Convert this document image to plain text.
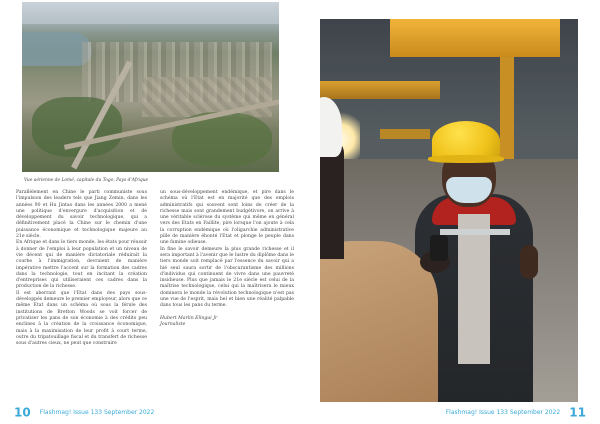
Vue aérienne de Lomé, capitale du Togo, Pays d'Afrique

Parallèlement en Chine le parti communiste sous l'impulsion des leaders tels que Jiang Zemin, dans les années 90 et Hu Jintao dans les années 2000 a mené une politique d'envergure d'acquisition et de développement du savoir technologique, qui a définitivement placé la Chine sur le chemin d'une puissance économique et technologique majeure au 21e siècle.

En Afrique et dans le tiers monde, les états pour réussir à donner de l'emploi à leur population et un niveau de vie décent qui de manière dictatoriale réduirait la courbe à l'immigration, devraient de manière impérative mettre l'accent sur la formation des cadres dans la technologie, tout en incitant la création d'entreprises qui utiliseraient ces cadres dans la production de la richesse.

Il est aberrant que l'Etat dans des pays sous-développés demeure le premier employeur, alors que ce même Etat dans un schéma où sous la férule des institutions de Bretton Woods se voit forcer de privatiser les pans de son économie à des crédits peu enclines à la création de la croissance économique, mais à la maximisation de leur profit à court terme, outre du tripatouillage fiscal et du transfert de richesse sous d'autres cieux, ne peut que construire

un sous-développement endémique, et pire dans le schéma où l'Etat est en majorité que des emplois administratifs qui souvent sont loins de créer de la richesse mais sont grandement budgétivore, on arrive à une véritable sclérose du système qui même en général vers des Etats en Faillite, pire lorsque l'on ajoute à cela la corruption endémique où l'oligarchie administrative pille de manière éhonté l'Etat et plonge le peuple dans une famine odieuse.

In fine le savoir demeure la plus grande richesse et il sera important à l'avenir que le lustre du diplôme dans le tiers monde soit remplacé par l'essence du savoir qui a hié seul saura sortir de l'obscurantisme des millions d'individus qui continuent de vivre dans une pauvreté insidieuse. Plus que jamais le 21e siècle est celui de la maîtrise technologique, celui qui la maîtrisera le mieux dominera le monde la révolution technologique n'est pas une vue de l'esprit, mais bel et bien une réalité palpable dans tous les pans du terme.

Hubert Marlin Elingui Jr
Journaliste
10 Flashmag! Issue 133 September 2022	Flashmag! Issue 133 September 2022 11
